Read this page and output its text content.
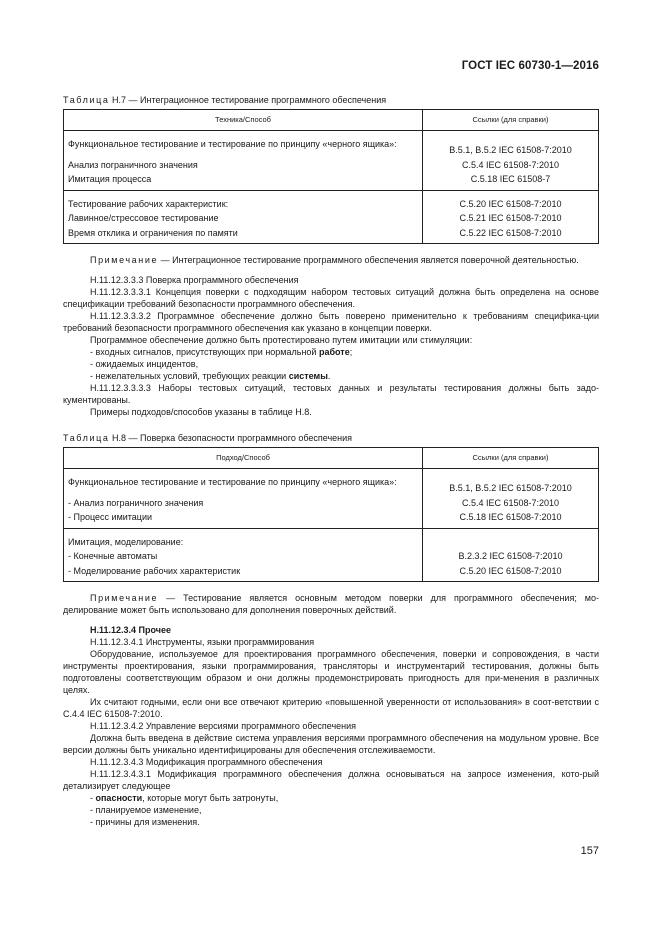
ГОСТ IEC 60730-1—2016
Таблица Н.7 — Интеграционное тестирование программного обеспечения
Техника/Способ	Ссылки (для справки)
Функциональное тестирование и тестирование по принципу «черного ящика»:	В.5.1, В.5.2 IEC 61508-7:2010
Анализ пограничного значения	С.5.4 IEC 61508-7:2010
Имитация процесса	С.5.18 IEC 61508-7
Тестирование рабочих характеристик:	С.5.20 IEC 61508-7:2010
Лавинное/стрессовое тестирование	С.5.21 IEC 61508-7:2010
Время отклика и ограничения по памяти	С.5.22 IEC 61508-7:2010

Примечание — Интеграционное тестирование программного обеспечения является поверочной деятельностью.

Н.11.12.3.3.3 Поверка программного обеспечения

Н.11.12.3.3.3.1 Концепция поверки с подходящим набором тестовых ситуаций должна быть определена на основе спецификации требований безопасности программного обеспечения.

Н.11.12.3.3.3.2 Программное обеспечение должно быть поверено применительно к требованиям специфика-ции требований безопасности программного обеспечения как указано в концепции поверки.

Программное обеспечение должно быть протестировано путем имитации или стимуляции:

- входных сигналов, присутствующих при нормальной работе;

- ожидаемых инцидентов,

- нежелательных условий, требующих реакции системы.

Н.11.12.3.3.3.3 Наборы тестовых ситуаций, тестовых данных и результаты тестирования должны быть задо-кументированы.

Примеры подходов/способов указаны в таблице Н.8.

Таблица Н.8 — Поверка безопасности программного обеспечения
Подход/Способ	Ссылки (для справки)
Функциональное тестирование и тестирование по принципу «черного ящика»:	В.5.1, В.5.2 IEC 61508-7:2010
- Анализ пограничного значения	С.5.4 IEC 61508-7:2010
- Процесс имитации	С.5.18 IEC 61508-7:2010
Имитация, моделирование:	
- Конечные автоматы	В.2.3.2 IEC 61508-7:2010
- Моделирование рабочих характеристик	С.5.20 IEC 61508-7:2010

Примечание — Тестирование является основным методом поверки для программного обеспечения; мо-делирование может быть использовано для дополнения поверочных действий.

Н.11.12.3.4 Прочее

Н.11.12.3.4.1 Инструменты, языки программирования

Оборудование, используемое для проектирования программного обеспечения, поверки и сопровождения, в части инструменты проектирования, языки программирования, трансляторы и инструментарий тестирования, должны быть подготовлены соответствующим образом и они должны продемонстрировать пригодность для при-менения в различных целях.

Их считают годными, если они все отвечают критерию «повышенной уверенности от использования» в соот-ветствии с С.4.4 IEC 61508-7:2010.

Н.11.12.3.4.2 Управление версиями программного обеспечения

Должна быть введена в действие система управления версиями программного обеспечения на модульном уровне. Все версии должны быть уникально идентифицированы для обеспечения отслеживаемости.

Н.11.12.3.4.3 Модификация программного обеспечения

Н.11.12.3.4.3.1 Модификация программного обеспечения должна основываться на запросе изменения, кото-рый детализирует следующее

- опасности, которые могут быть затронуты,

- планируемое изменение,

- причины для изменения.

157
